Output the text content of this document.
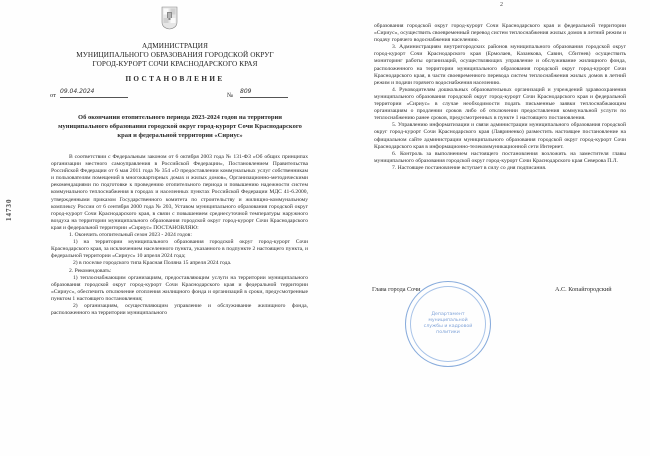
АДМИНИСТРАЦИЯ
МУНИЦИПАЛЬНОГО ОБРАЗОВАНИЯ ГОРОДСКОЙ ОКРУГ
ГОРОД-КУРОРТ СОЧИ КРАСНОДАРСКОГО КРАЯ
ПОСТАНОВЛЕНИЕ
от
09.04.2024
№
809
Об окончании отопительного периода 2023-2024 годов на территории муниципального образования городской округ город-курорт Сочи Краснодарского края и федеральной территории «Сириус»
14730

В соответствии с Федеральным законом от 6 октября 2003 года № 131-ФЗ «Об общих принципах организации местного самоуправления в Российской Федерации», Постановлением Правительства Российской Федерации от 6 мая 2011 года № 354 «О предоставлении коммунальных услуг собственникам и пользователям помещений в многоквартирных домах и жилых домов», Организационно-методическими рекомендациями по подготовке к проведению отопительного периода и повышению надежности систем коммунального теплоснабжения в городах и населенных пунктах Российской Федерации МДС 41-6.2000, утвержденными приказом Государственного комитета по строительству и жилищно-коммунальному комплексу России от 6 сентября 2000 года № 203, Уставом муниципального образования городской округ город-курорт Сочи Краснодарского края, в связи с повышением среднесуточной температуры наружного воздуха на территории муниципального образования городской округ город-курорт Сочи Краснодарского края и федеральной территории «Сириус» ПОСТАНОВЛЯЮ:

1. Окончить отопительный сезон 2023 - 2024 годов:

1) на территории муниципального образования городской округ город-курорт Сочи Краснодарского края, за исключением населенного пункта, указанного в подпункте 2 настоящего пункта, и федеральной территории «Сириус» 10 апреля 2024 года;

2) в поселке городского типа Красная Поляна 15 апреля 2024 года.

2. Рекомендовать:

1) теплоснабжающим организациям, предоставляющим услуги на территории муниципального образования городской округ город-курорт Сочи Краснодарского края и федеральной территории «Сириус», обеспечить отключение отопления жилищного фонда и организаций в сроки, предусмотренные пунктом 1 настоящего постановления;

2) организациям, осуществляющим управление и обслуживание жилищного фонда, расположенного на территории муниципального

2

образования городской округ город-курорт Сочи Краснодарского края и федеральной территории «Сириус», осуществить своевременный перевод систем теплоснабжения жилых домов в летний режим и подачу горячего водоснабжения населению.

3. Администрациям внутригородских районов муниципального образования городской округ город-курорт Сочи Краснодарского края (Ермолаев, Казанкова, Савин, Сбитнев) осуществить мониторинг работы организаций, осуществляющих управление и обслуживание жилищного фонда, расположенного на территории муниципального образования городской округ город-курорт Сочи Краснодарского края, в части своевременного перевода систем теплоснабжения жилых домов в летний режим и подачи горячего водоснабжения населению.

4. Руководителям дошкольных образовательных организаций и учреждений здравоохранения муниципального образования городской округ город-курорт Сочи Краснодарского края и федеральной территории «Сириус» в случае необходимости подать письменные заявки теплоснабжающим организациям о продлении сроков либо об отключении предоставления коммунальной услуги по теплоснабжению ранее сроков, предусмотренных в пункте 1 настоящего постановления.

5. Управлению информатизации и связи администрации муниципального образования городской округ город-курорт Сочи Краснодарского края (Лавриненко) разместить настоящее постановление на официальном сайте администрации муниципального образования городской округ город-курорт Сочи Краснодарского края в информационно-телекоммуникационной сети Интернет.

6. Контроль за выполнением настоящего постановления возложить на заместителя главы муниципального образования городской округ город-курорт Сочи Краснодарского края Северова П.Л.

7. Настоящее постановление вступает в силу со дня подписания.

Департамент муниципальной службы и кадровой политики
Глава города Сочи	А.С. Копайгородский
